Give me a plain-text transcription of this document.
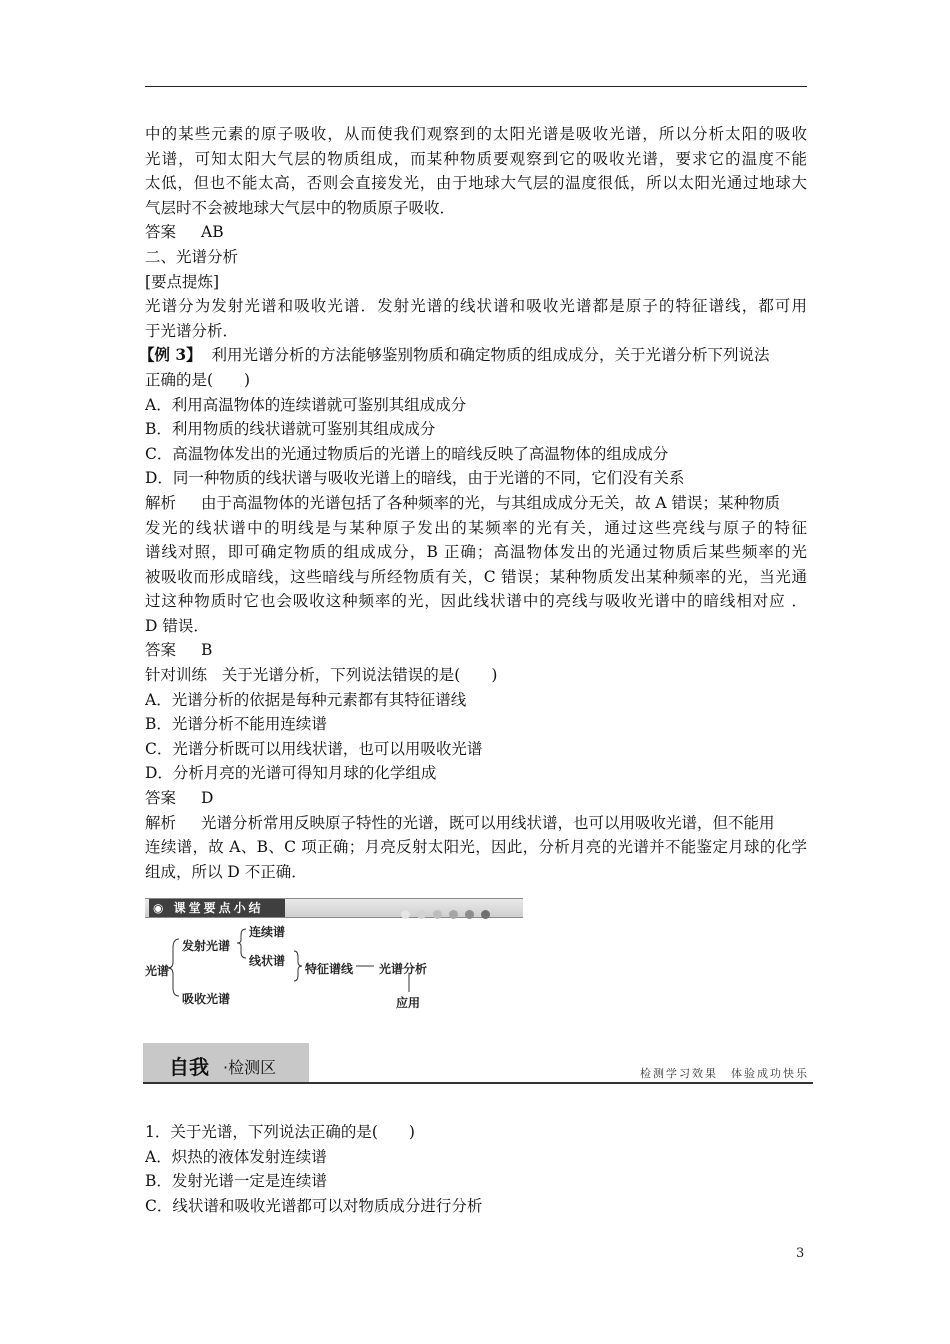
中的某些元素的原子吸收，从而使我们观察到的太阳光谱是吸收光谱，所以分析太阳的吸收
光谱，可知太阳大气层的物质组成，而某种物质要观察到它的吸收光谱，要求它的温度不能
太低，但也不能太高，否则会直接发光，由于地球大气层的温度很低，所以太阳光通过地球大
气层时不会被地球大气层中的物质原子吸收．
答案 AB
二、光谱分析
[要点提炼]
光谱分为发射光谱和吸收光谱．发射光谱的线状谱和吸收光谱都是原子的特征谱线，都可用
于光谱分析．
【例 3】 利用光谱分析的方法能够鉴别物质和确定物质的组成成分，关于光谱分析下列说法
正确的是(　　)
A．利用高温物体的连续谱就可鉴别其组成成分
B．利用物质的线状谱就可鉴别其组成成分
C．高温物体发出的光通过物质后的光谱上的暗线反映了高温物体的组成成分
D．同一种物质的线状谱与吸收光谱上的暗线，由于光谱的不同，它们没有关系
解析 由于高温物体的光谱包括了各种频率的光，与其组成成分无关，故 A 错误；某种物质
发光的线状谱中的明线是与某种原子发出的某频率的光有关，通过这些亮线与原子的特征
谱线对照，即可确定物质的组成成分，B 正确；高温物体发出的光通过物质后某些频率的光
被吸收而形成暗线，这些暗线与所经物质有关，C 错误；某种物质发出某种频率的光，当光通
过这种物质时它也会吸收这种频率的光，因此线状谱中的亮线与吸收光谱中的暗线相对应 ．
D 错误．
答案 B
针对训练 关于光谱分析，下列说法错误的是(　　)
A．光谱分析的依据是每种元素都有其特征谱线
B．光谱分析不能用连续谱
C．光谱分析既可以用线状谱，也可以用吸收光谱
D．分析月亮的光谱可得知月球的化学组成
答案 D
解析 光谱分析常用反映原子特性的光谱，既可以用线状谱，也可以用吸收光谱，但不能用
连续谱，故 A、B、C 项正确；月亮反射太阳光，因此，分析月亮的光谱并不能鉴定月球的化学
组成，所以 D 不正确．
◉ 课堂要点小结
光谱
发射光谱
连续谱
线状谱
吸收光谱
特征谱线 光谱分析
应用
自我 ·检测区	检测学习效果　体验成功快乐
1．关于光谱，下列说法正确的是(　　)
A．炽热的液体发射连续谱
B．发射光谱一定是连续谱
C．线状谱和吸收光谱都可以对物质成分进行分析
3
